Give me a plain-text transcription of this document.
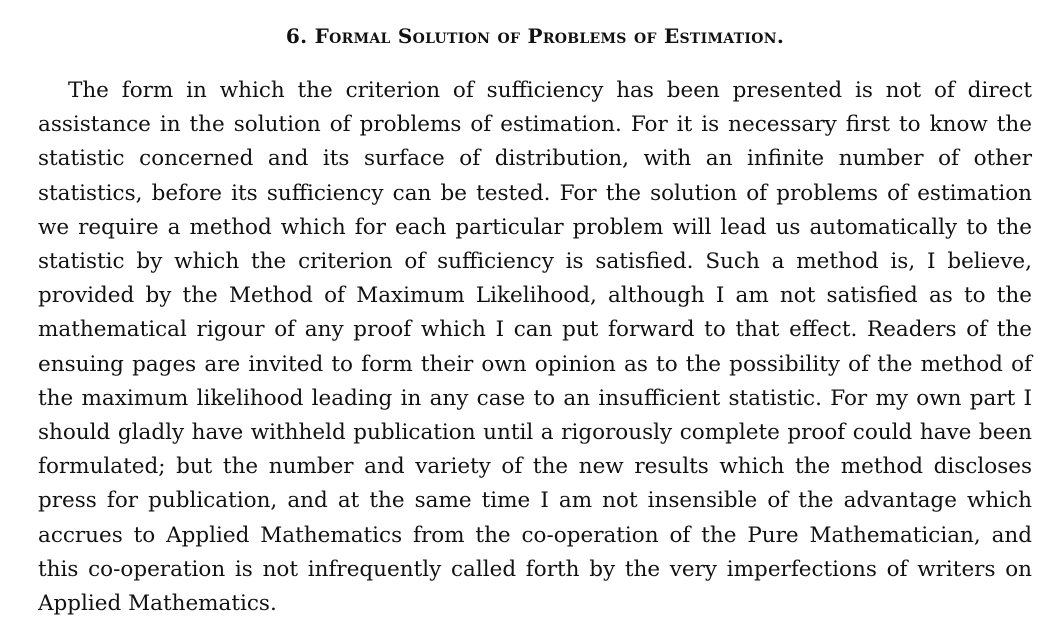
6. Formal Solution of Problems of Estimation.

The form in which the criterion of sufficiency has been presented is not of direct assistance in the solution of problems of estimation. For it is necessary first to know the statistic concerned and its surface of distribution, with an infinite number of other statistics, before its sufficiency can be tested. For the solution of problems of estimation we require a method which for each particular problem will lead us automatically to the statistic by which the criterion of sufficiency is satisfied. Such a method is, I believe, provided by the Method of Maximum Likelihood, although I am not satisfied as to the mathematical rigour of any proof which I can put forward to that effect. Readers of the ensuing pages are invited to form their own opinion as to the possibility of the method of the maximum likelihood leading in any case to an insufficient statistic. For my own part I should gladly have withheld publication until a rigorously complete proof could have been formulated; but the number and variety of the new results which the method discloses press for publication, and at the same time I am not insensible of the advantage which accrues to Applied Mathematics from the co-operation of the Pure Mathematician, and this co-operation is not infrequently called forth by the very imperfections of writers on Applied Mathematics.
